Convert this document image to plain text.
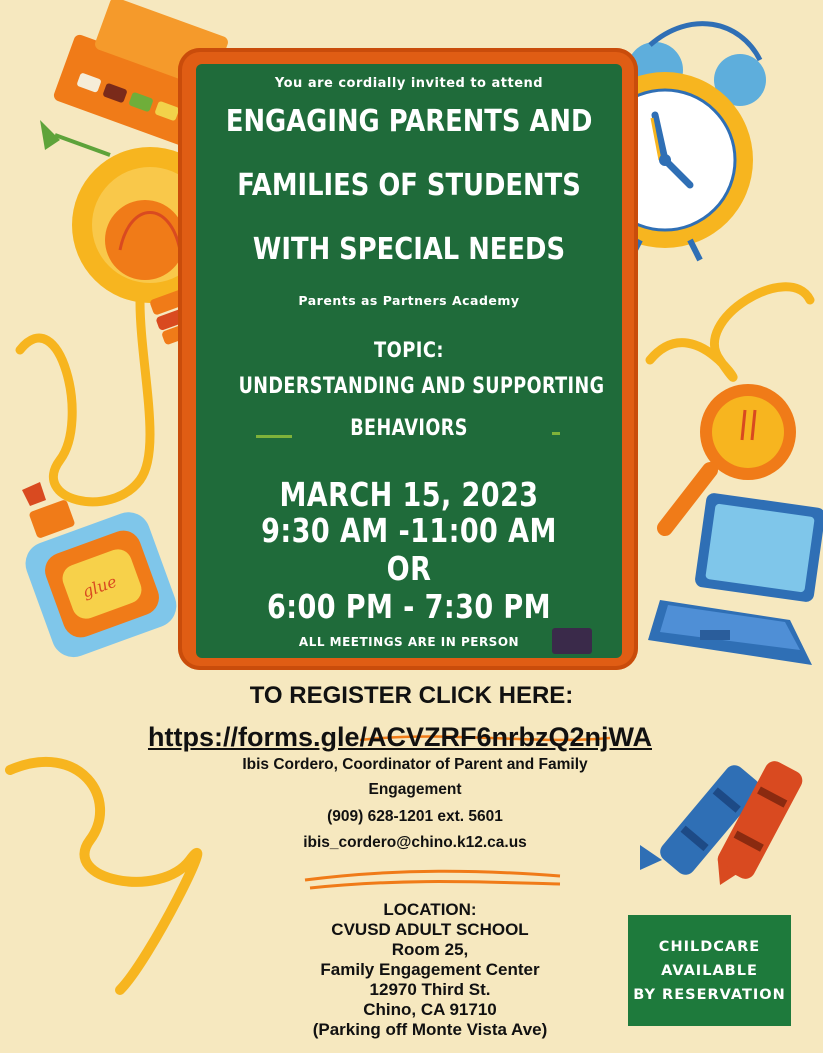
glue
You are cordially invited to attend
ENGAGING PARENTS AND
FAMILIES OF STUDENTS
WITH SPECIAL NEEDS
Parents as Partners Academy
TOPIC:
UNDERSTANDING AND SUPPORTING
BEHAVIORS
MARCH 15, 2023
9:30 AM -11:00 AM
OR
6:00 PM - 7:30 PM
ALL MEETINGS ARE IN PERSON
TO REGISTER CLICK HERE:
https://forms.gle/ACVZRF6nrbzQ2njWA
Ibis Cordero, Coordinator of Parent and Family
Engagement
(909) 628-1201 ext. 5601
ibis_cordero@chino.k12.ca.us
LOCATION:
CVUSD ADULT SCHOOL
Room 25,
Family Engagement Center
12970 Third St.
Chino, CA 91710
(Parking off Monte Vista Ave)
CHILDCARE
AVAILABLE
BY RESERVATION
